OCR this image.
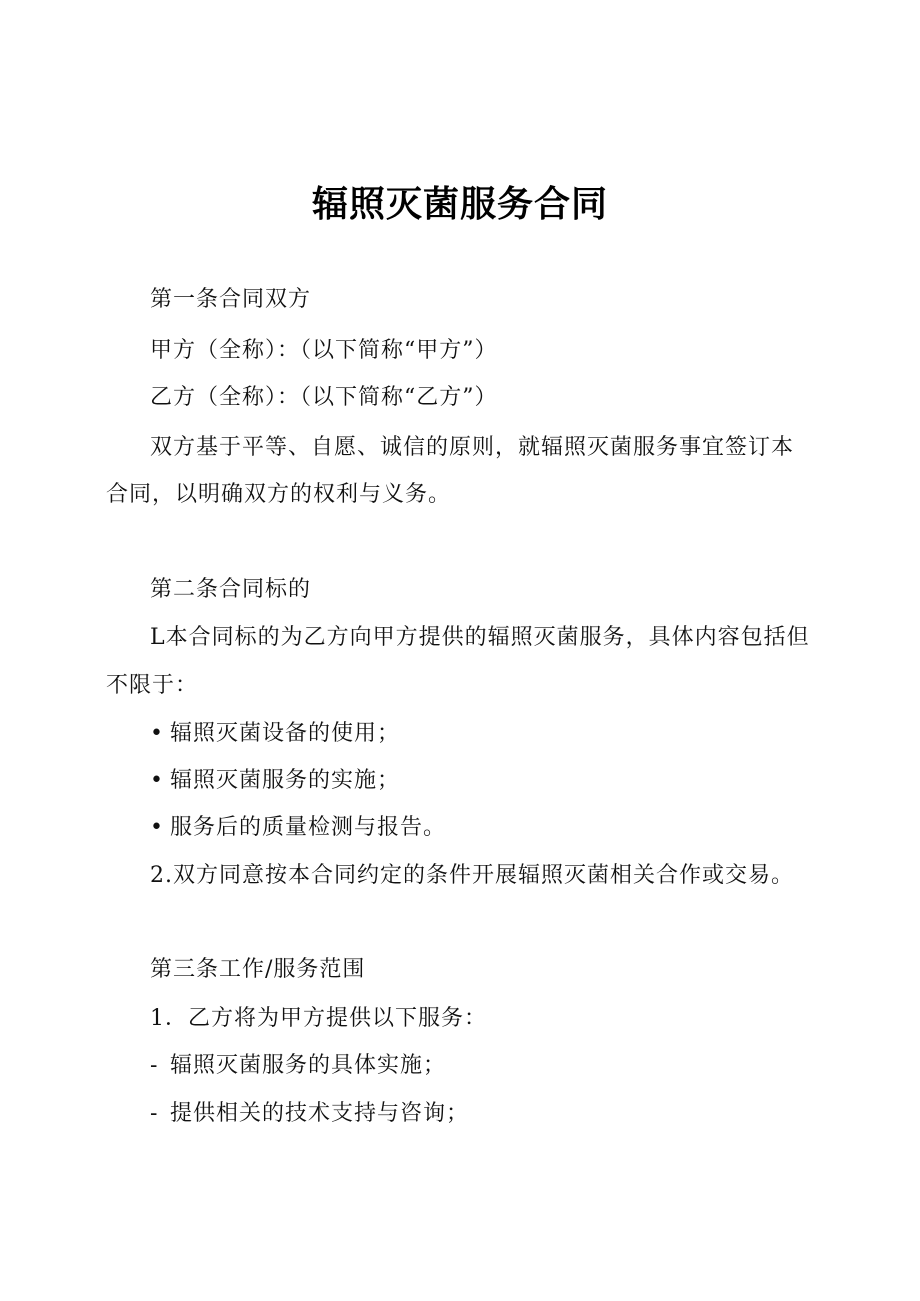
辐照灭菌服务合同
第一条合同双方
甲方（全称）：（以下简称“甲方”）
乙方（全称）：（以下简称“乙方”）
双方基于平等、自愿、诚信的原则，就辐照灭菌服务事宜签订本
合同，以明确双方的权利与义务。
第二条合同标的
L本合同标的为乙方向甲方提供的辐照灭菌服务，具体内容包括但
不限于：
• 辐照灭菌设备的使用；
• 辐照灭菌服务的实施；
• 服务后的质量检测与报告。
2.双方同意按本合同约定的条件开展辐照灭菌相关合作或交易。
第三条工作/服务范围
1．乙方将为甲方提供以下服务：
- 辐照灭菌服务的具体实施；
- 提供相关的技术支持与咨询；
